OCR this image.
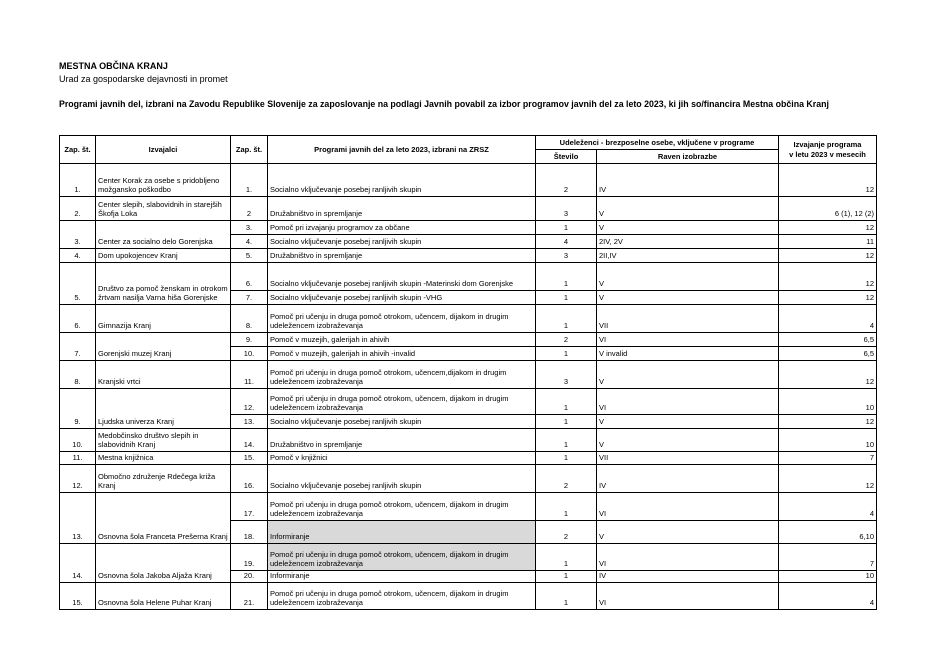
MESTNA OBČINA KRANJ
Urad za gospodarske dejavnosti in promet
Programi javnih del, izbrani na Zavodu Republike Slovenije za zaposlovanje na podlagi Javnih povabil za izbor programov javnih del za leto 2023, ki jih so/financira Mestna občina Kranj
Zap. št.	Izvajalci	Zap. št.	Programi javnih del za leto 2023, izbrani na ZRSZ	Udeleženci - brezposelne osebe, vključene v programe		Izvajanje programa
v letu 2023 v mesecih

				Število	Raven izobrazbe	
1.	Center Korak za osebe s pridobljeno možgansko poškodbo	1.	Socialno vključevanje posebej ranljivih skupin	2	IV	12
2.	Center slepih, slabovidnih in starejših Škofja Loka	2	Družabništvo in spremljanje	3	V	6 (1), 12 (2)
3.	Center za socialno delo Gorenjska	3.	Pomoč pri izvajanju programov za občane	1	V	12
		4.	Socialno vključevanje posebej ranljivih skupin	4	2IV, 2V	11
4.	Dom upokojencev Kranj	5.	Družabništvo in spremljanje	3	2II,IV	12
5.	Društvo za pomoč ženskam in otrokom žrtvam nasilja Varna hiša Gorenjske	6.	Socialno vključevanje posebej ranljivih skupin -Materinski dom Gorenjske	1	V	12
		7.	Socialno vključevanje posebej ranljivih skupin -VHG	1	V	12
6.	Gimnazija Kranj	8.	Pomoč pri učenju in druga pomoč otrokom, učencem, dijakom in drugim udeležencem izobraževanja	1	VII	4
7.	Gorenjski muzej Kranj	9.	Pomoč v muzejih, galerijah in ahivih	2	VI	6,5
		10.	Pomoč v muzejih, galerijah in ahivih -invalid	1	V invalid	6,5
8.	Kranjski vrtci	11.	Pomoč pri učenju in druga pomoč otrokom, učencem,dijakom in drugim udeležencem izobraževanja	3	V	12
9.	Ljudska univerza Kranj	12.	Pomoč pri učenju in druga pomoč otrokom, učencem, dijakom in drugim udeležencem izobraževanja	1	VI	10
		13.	Socialno vključevanje posebej ranljivih skupin	1	V	12
10.	Medobčinsko društvo slepih in slabovidnih Kranj	14.	Družabništvo in spremljanje	1	V	10
11.	Mestna knjižnica	15.	Pomoč v knjižnici	1	VII	7
12.	Območno združenje Rdečega križa Kranj	16.	Socialno vključevanje posebej ranljivih skupin	2	IV	12
13.	Osnovna šola Franceta Prešerna Kranj	17.	Pomoč pri učenju in druga pomoč otrokom, učencem, dijakom in drugim udeležencem izobraževanja	1	VI	4
		18.	Informiranje	2	V	6,10
14.	Osnovna šola Jakoba Aljaža Kranj	19.	Pomoč pri učenju in druga pomoč otrokom, učencem, dijakom in drugim udeležencem izobraževanja	1	VI	7
		20.	Informiranje	1	IV	10
15.	Osnovna šola Helene Puhar Kranj	21.	Pomoč pri učenju in druga pomoč otrokom, učencem, dijakom in drugim udeležencem izobraževanja	1	VI	4
